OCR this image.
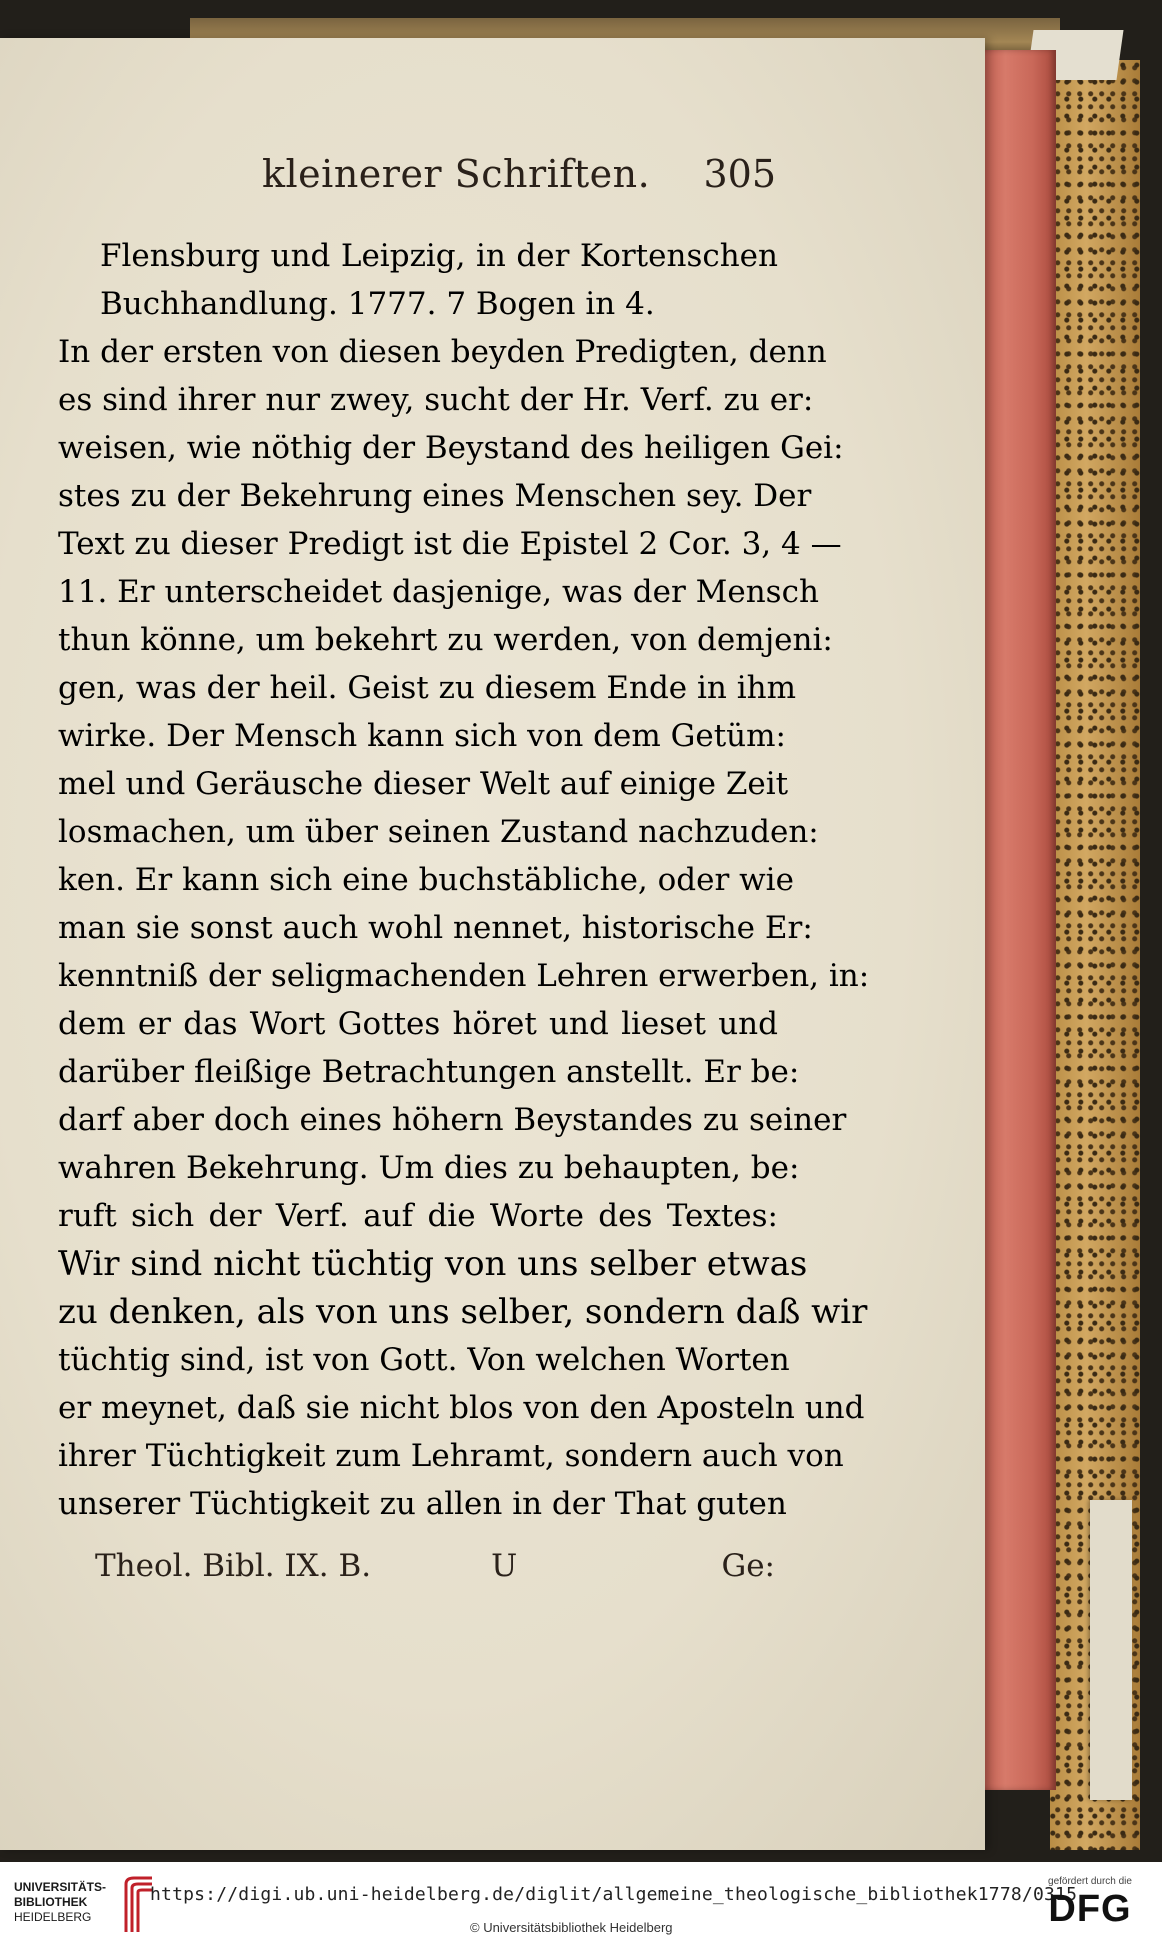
kleinerer Schriften. 305
Flensburg und Leipzig, in der Kortenschen
Buchhandlung. 1777. 7 Bogen in 4.
In der ersten von diesen beyden Predigten, denn
es sind ihrer nur zwey, sucht der Hr. Verf. zu er:
weisen, wie nöthig der Beystand des heiligen Gei:
stes zu der Bekehrung eines Menschen sey. Der
Text zu dieser Predigt ist die Epistel 2 Cor. 3, 4 —
11. Er unterscheidet dasjenige, was der Mensch
thun könne, um bekehrt zu werden, von demjeni:
gen, was der heil. Geist zu diesem Ende in ihm
wirke. Der Mensch kann sich von dem Getüm:
mel und Geräusche dieser Welt auf einige Zeit
losmachen, um über seinen Zustand nachzuden:
ken. Er kann sich eine buchstäbliche, oder wie
man sie sonst auch wohl nennet, historische Er:
kenntniß der seligmachenden Lehren erwerben, in:
dem er das Wort Gottes höret und lieset und
darüber fleißige Betrachtungen anstellt. Er be:
darf aber doch eines höhern Beystandes zu seiner
wahren Bekehrung. Um dies zu behaupten, be:
ruft sich der Verf. auf die Worte des Textes:
Wir sind nicht tüchtig von uns selber etwas
zu denken, als von uns selber, sondern daß wir
tüchtig sind, ist von Gott. Von welchen Worten
er meynet, daß sie nicht blos von den Aposteln und
ihrer Tüchtigkeit zum Lehramt, sondern auch von
unserer Tüchtigkeit zu allen in der That guten
Theol. Bibl. IX. B.	U	Ge:
UNIVERSITÄTS-
BIBLIOTHEK
HEIDELBERG
https://digi.ub.uni-heidelberg.de/diglit/allgemeine_theologische_bibliothek1778/0315
© Universitätsbibliothek Heidelberg
gefördert durch die
DFG
